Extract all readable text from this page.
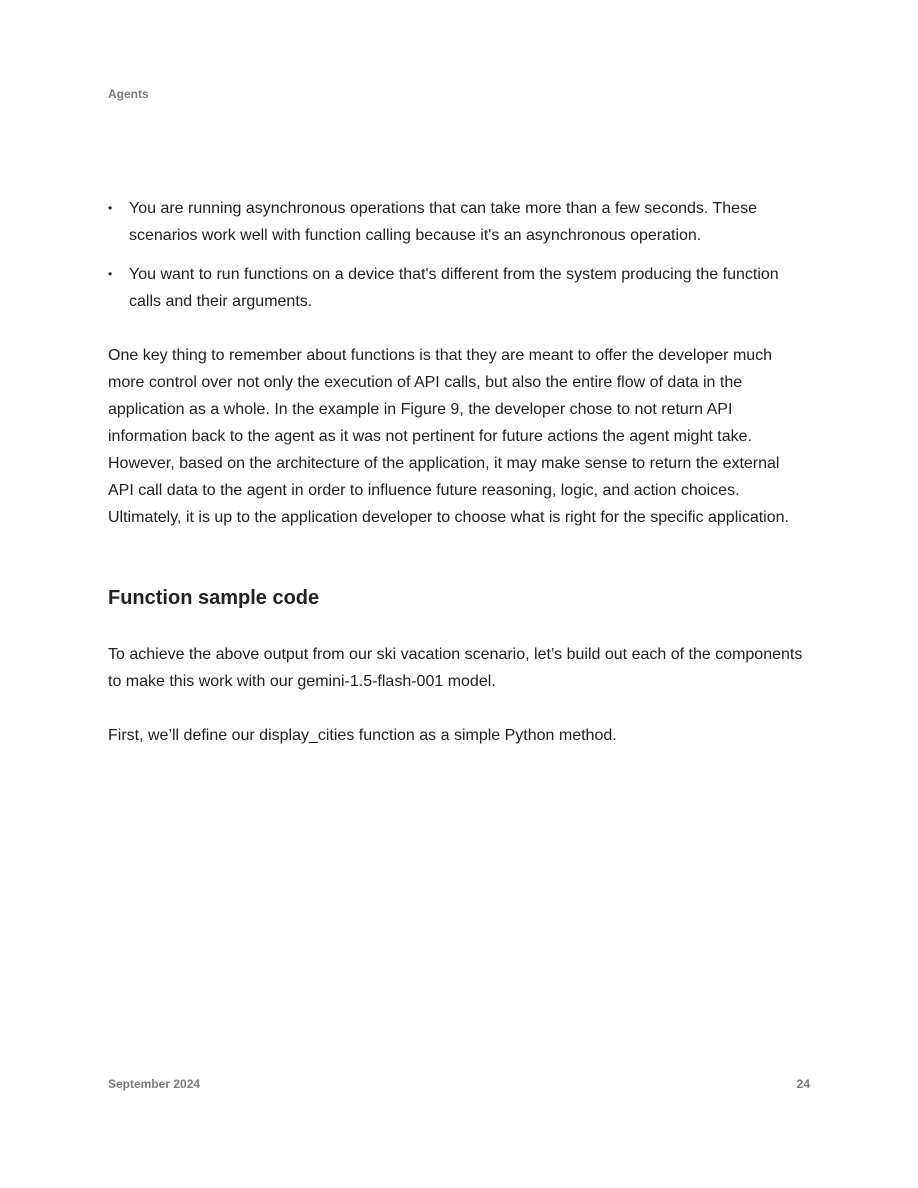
Agents
• You are running asynchronous operations that can take more than a few seconds. These scenarios work well with function calling because it's an asynchronous operation.
• You want to run functions on a device that's different from the system producing the function calls and their arguments.

One key thing to remember about functions is that they are meant to offer the developer much more control over not only the execution of API calls, but also the entire flow of data in the application as a whole. In the example in Figure 9, the developer chose to not return API information back to the agent as it was not pertinent for future actions the agent might take. However, based on the architecture of the application, it may make sense to return the external API call data to the agent in order to influence future reasoning, logic, and action choices. Ultimately, it is up to the application developer to choose what is right for the specific application.

Function sample code

To achieve the above output from our ski vacation scenario, let’s build out each of the components to make this work with our gemini-1.5-flash-001 model.

First, we’ll define our display_cities function as a simple Python method.

September 2024	24
